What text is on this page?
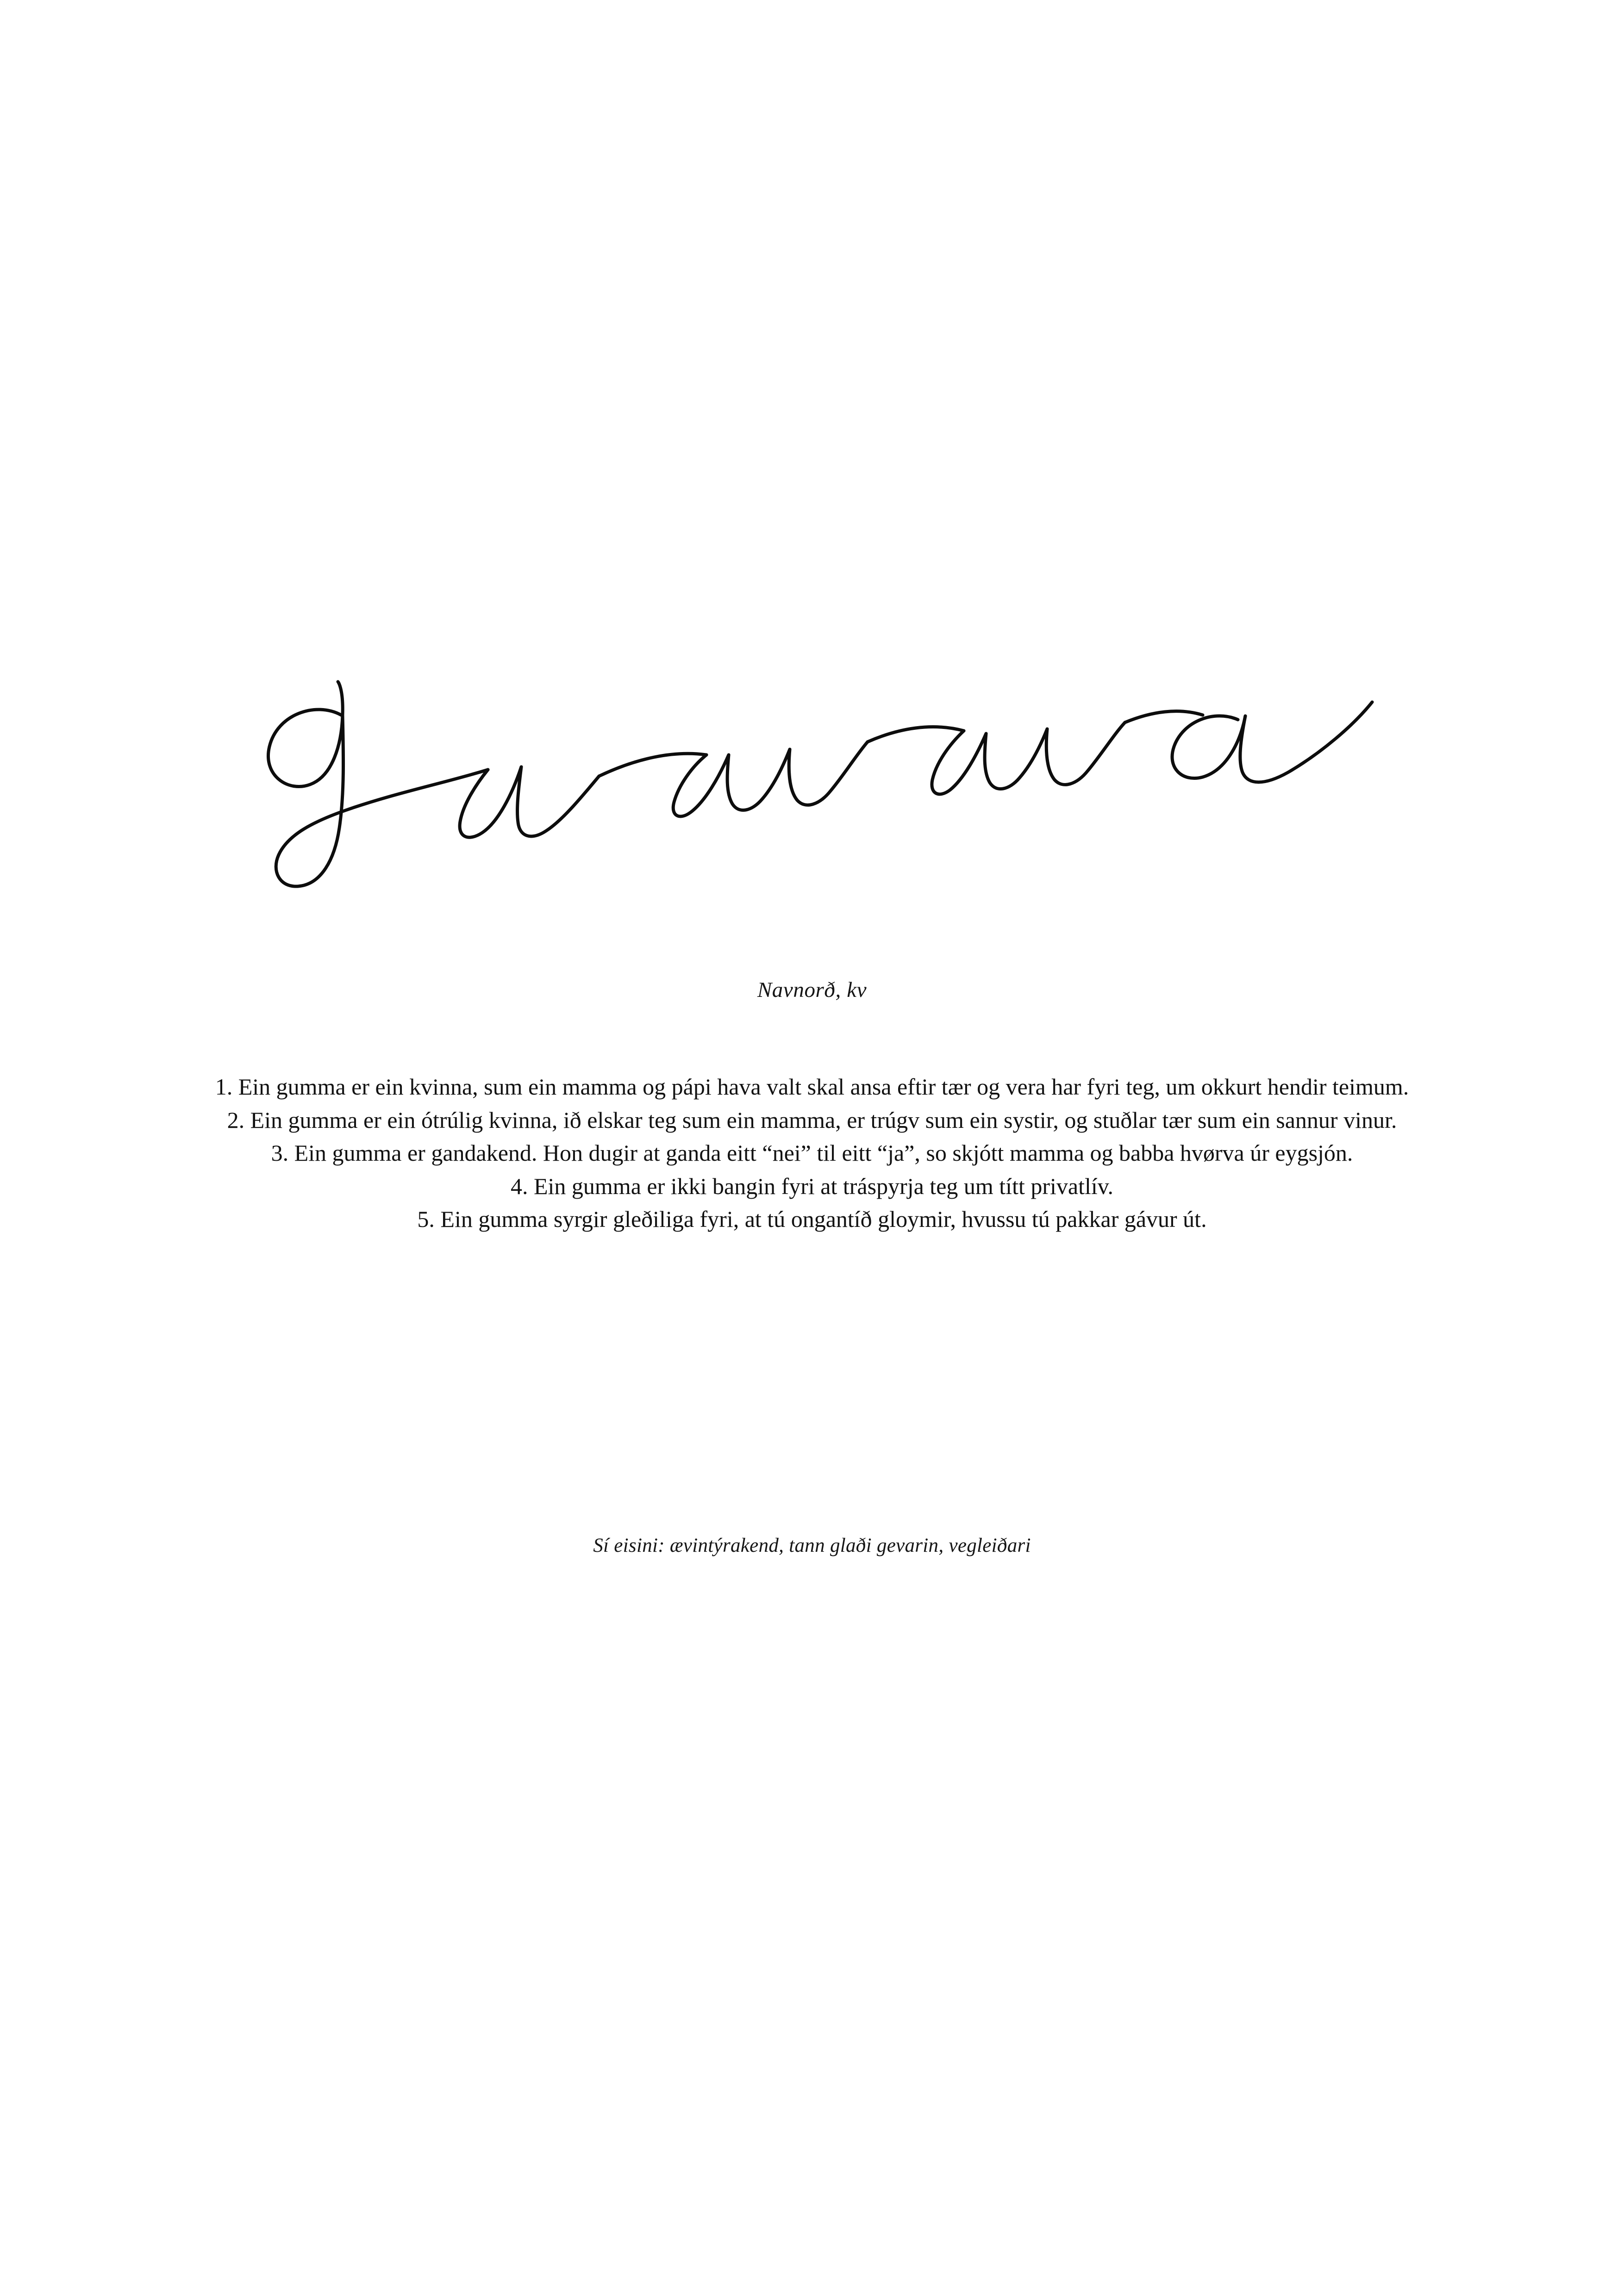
Navnorð, kv

1. Ein gumma er ein kvinna, sum ein mamma og pápi hava valt skal ansa eftir tær og vera har fyri teg, um okkurt hendir teimum.

2. Ein gumma er ein ótrúlig kvinna, ið elskar teg sum ein mamma, er trúgv sum ein systir, og stuðlar tær sum ein sannur vinur.

3. Ein gumma er gandakend. Hon dugir at ganda eitt “nei” til eitt “ja”, so skjótt mamma og babba hvørva úr eygsjón.

4. Ein gumma er ikki bangin fyri at tráspyrja teg um títt privatlív.

5. Ein gumma syrgir gleðiliga fyri, at tú ongantíð gloymir, hvussu tú pakkar gávur út.

Sí eisini: ævintýrakend, tann glaði gevarin, vegleiðari
